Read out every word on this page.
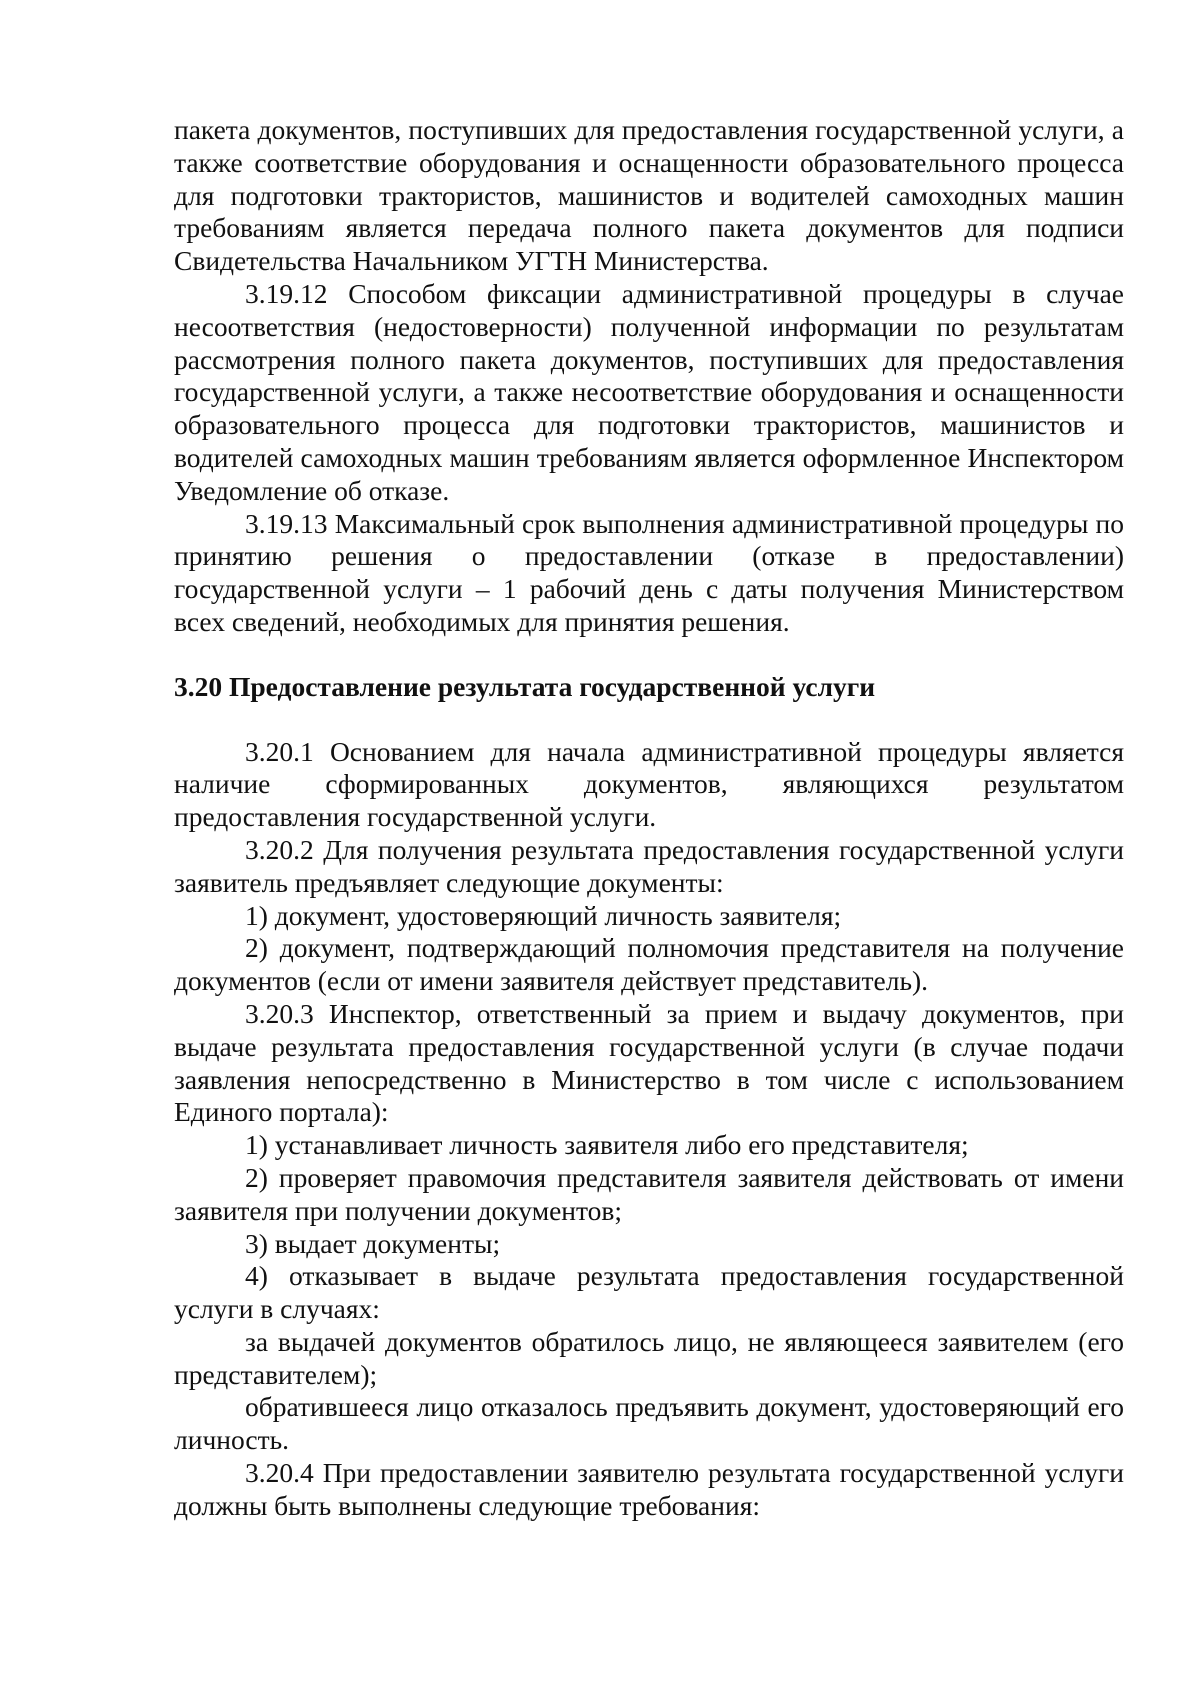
пакета документов, поступивших для предоставления государственной услуги, а также соответствие оборудования и оснащенности образовательного процесса для подготовки трактористов, машинистов и водителей самоходных машин требованиям является передача полного пакета документов для подписи Свидетельства Начальником УГТН Министерства.

3.19.12 Способом фиксации административной процедуры в случае несоответствия (недостоверности) полученной информации по результатам рассмотрения полного пакета документов, поступивших для предоставления государственной услуги, а также несоответствие оборудования и оснащенности образовательного процесса для подготовки трактористов, машинистов и водителей самоходных машин требованиям является оформленное Инспектором Уведомление об отказе.

3.19.13 Максимальный срок выполнения административной процедуры по принятию решения о предоставлении (отказе в предоставлении) государственной услуги – 1 рабочий день с даты получения Министерством всех сведений, необходимых для принятия решения.

3.20 Предоставление результата государственной услуги

3.20.1 Основанием для начала административной процедуры является наличие сформированных документов, являющихся результатом предоставления государственной услуги.

3.20.2 Для получения результата предоставления государственной услуги заявитель предъявляет следующие документы:

1) документ, удостоверяющий личность заявителя;

2) документ, подтверждающий полномочия представителя на получение документов (если от имени заявителя действует представитель).

3.20.3 Инспектор, ответственный за прием и выдачу документов, при выдаче результата предоставления государственной услуги (в случае подачи заявления непосредственно в Министерство в том числе с использованием Единого портала):

1) устанавливает личность заявителя либо его представителя;

2) проверяет правомочия представителя заявителя действовать от имени заявителя при получении документов;

3) выдает документы;

4) отказывает в выдаче результата предоставления государственной услуги в случаях:

за выдачей документов обратилось лицо, не являющееся заявителем (его представителем);

обратившееся лицо отказалось предъявить документ, удостоверяющий его личность.

3.20.4 При предоставлении заявителю результата государственной услуги должны быть выполнены следующие требования:
